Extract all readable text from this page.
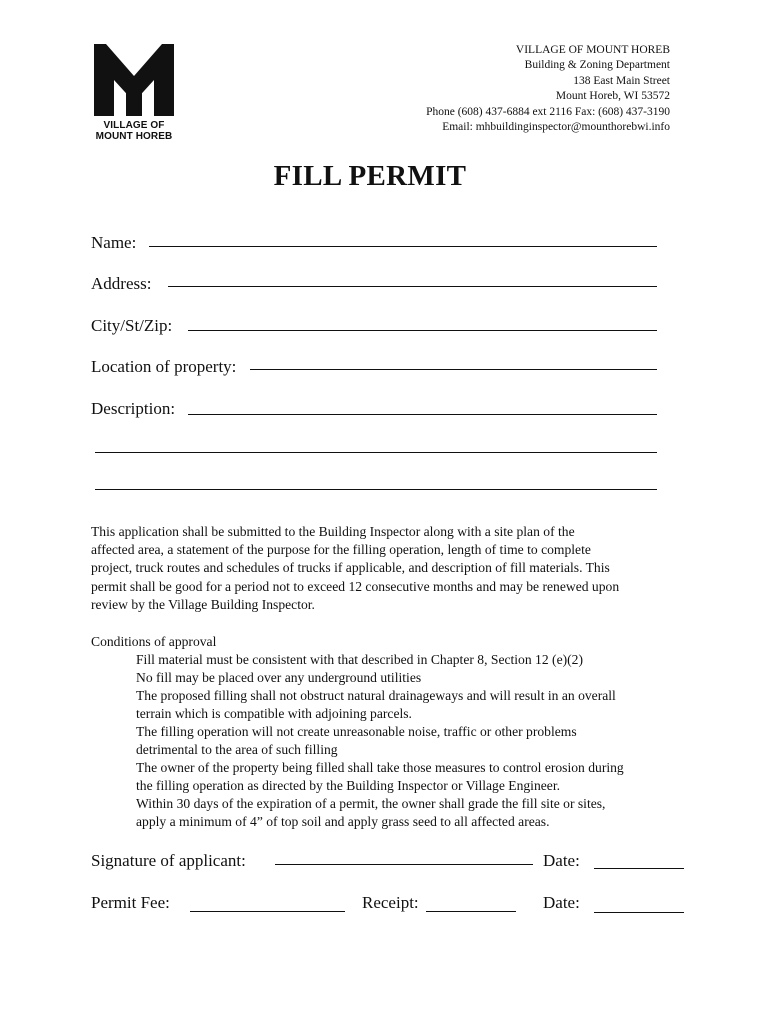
VILLAGE OF
MOUNT HOREB
VILLAGE OF MOUNT HOREB
Building & Zoning Department
138 East Main Street
Mount Horeb, WI 53572
Phone (608) 437-6884 ext 2116 Fax: (608) 437-3190
Email: mhbuildinginspector@mounthorebwi.info
FILL PERMIT
Name:
Address:
City/St/Zip:
Location of property:
Description:
This application shall be submitted to the Building Inspector along with a site plan of the
affected area, a statement of the purpose for the filling operation, length of time to complete
project, truck routes and schedules of trucks if applicable, and description of fill materials. This
permit shall be good for a period not to exceed 12 consecutive months and may be renewed upon
review by the Village Building Inspector.
Conditions of approval
Fill material must be consistent with that described in Chapter 8, Section 12 (e)(2)
No fill may be placed over any underground utilities
The proposed filling shall not obstruct natural drainageways and will result in an overall
terrain which is compatible with adjoining parcels.
The filling operation will not create unreasonable noise, traffic or other problems
detrimental to the area of such filling
The owner of the property being filled shall take those measures to control erosion during
the filling operation as directed by the Building Inspector or Village Engineer.
Within 30 days of the expiration of a permit, the owner shall grade the fill site or sites,
apply a minimum of 4” of top soil and apply grass seed to all affected areas.
Signature of applicant:	Date:
Permit Fee:	Receipt:	Date:
